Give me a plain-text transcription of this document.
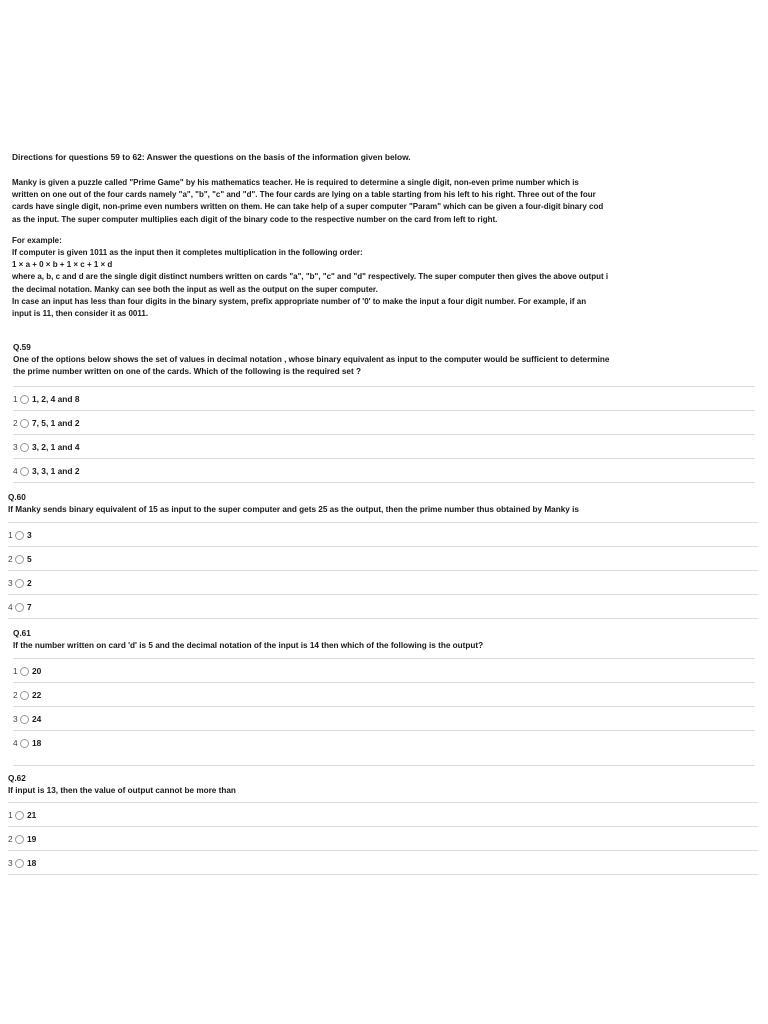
Directions for questions 59 to 62: Answer the questions on the basis of the information given below.
Manky is given a puzzle called "Prime Game" by his mathematics teacher. He is required to determine a single digit, non-even prime number which is
written on one out of the four cards namely "a", "b", "c" and "d". The four cards are lying on a table starting from his left to his right. Three out of the four
cards have single digit, non-prime even numbers written on them. He can take help of a super computer "Param" which can be given a four-digit binary cod
as the input. The super computer multiplies each digit of the binary code to the respective number on the card from left to right.
For example:
If computer is given 1011 as the input then it completes multiplication in the following order:
1 × a + 0 × b + 1 × c + 1 × d
where a, b, c and d are the single digit distinct numbers written on cards "a", "b", "c" and "d" respectively. The super computer then gives the above output i
the decimal notation. Manky can see both the input as well as the output on the super computer.
In case an input has less than four digits in the binary system, prefix appropriate number of '0' to make the input a four digit number. For example, if an
input is 11, then consider it as 0011.
Q.59
One of the options below shows the set of values in decimal notation , whose binary equivalent as input to the computer would be sufficient to determine
the prime number written on one of the cards. Which of the following is the required set ?
1 1, 2, 4 and 8
2 7, 5, 1 and 2
3 3, 2, 1 and 4
4 3, 3, 1 and 2
Q.60
If Manky sends binary equivalent of 15 as input to the super computer and gets 25 as the output, then the prime number thus obtained by Manky is
1 3
2 5
3 2
4 7
Q.61
If the number written on card 'd' is 5 and the decimal notation of the input is 14 then which of the following is the output?
1 20
2 22
3 24
4 18
Q.62
If input is 13, then the value of output cannot be more than
1 21
2 19
3 18
